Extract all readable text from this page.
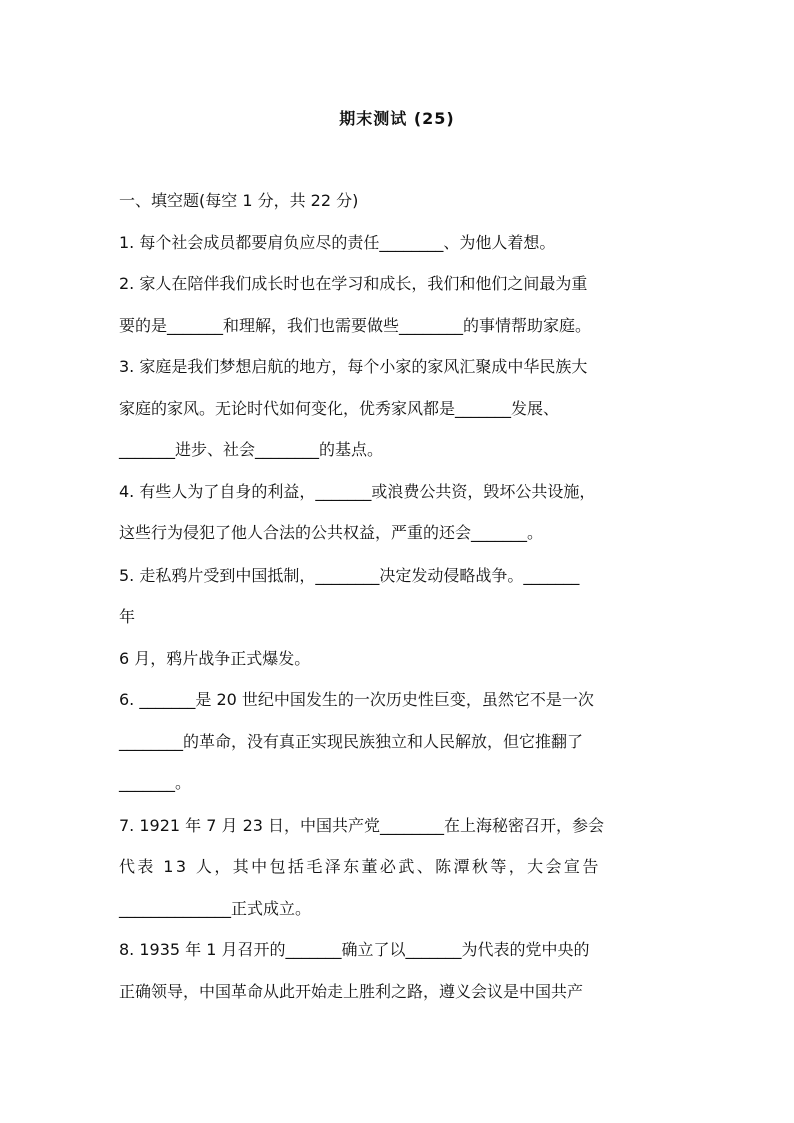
期末测试 (25)
一、填空题(每空 1 分，共 22 分)
1. 每个社会成员都要肩负应尽的责任________、为他人着想。
2. 家人在陪伴我们成长时也在学习和成长，我们和他们之间最为重
要的是_______和理解，我们也需要做些________的事情帮助家庭。
3. 家庭是我们梦想启航的地方，每个小家的家风汇聚成中华民族大
家庭的家风。无论时代如何变化，优秀家风都是_______发展、
_______进步、社会________的基点。
4. 有些人为了自身的利益，_______或浪费公共资，毁坏公共设施，
这些行为侵犯了他人合法的公共权益，严重的还会_______。
5. 走私鸦片受到中国抵制，________决定发动侵略战争。_______
年
6 月，鸦片战争正式爆发。
6. _______是 20 世纪中国发生的一次历史性巨变，虽然它不是一次
________的革命，没有真正实现民族独立和人民解放，但它推翻了
_______。
7. 1921 年 7 月 23 日，中国共产党________在上海秘密召开，参会
代表 13 人，其中包括毛泽东董必武、陈潭秋等，大会宣告
______________正式成立。
8. 1935 年 1 月召开的_______确立了以_______为代表的党中央的
正确领导，中国革命从此开始走上胜利之路，遵义会议是中国共产
